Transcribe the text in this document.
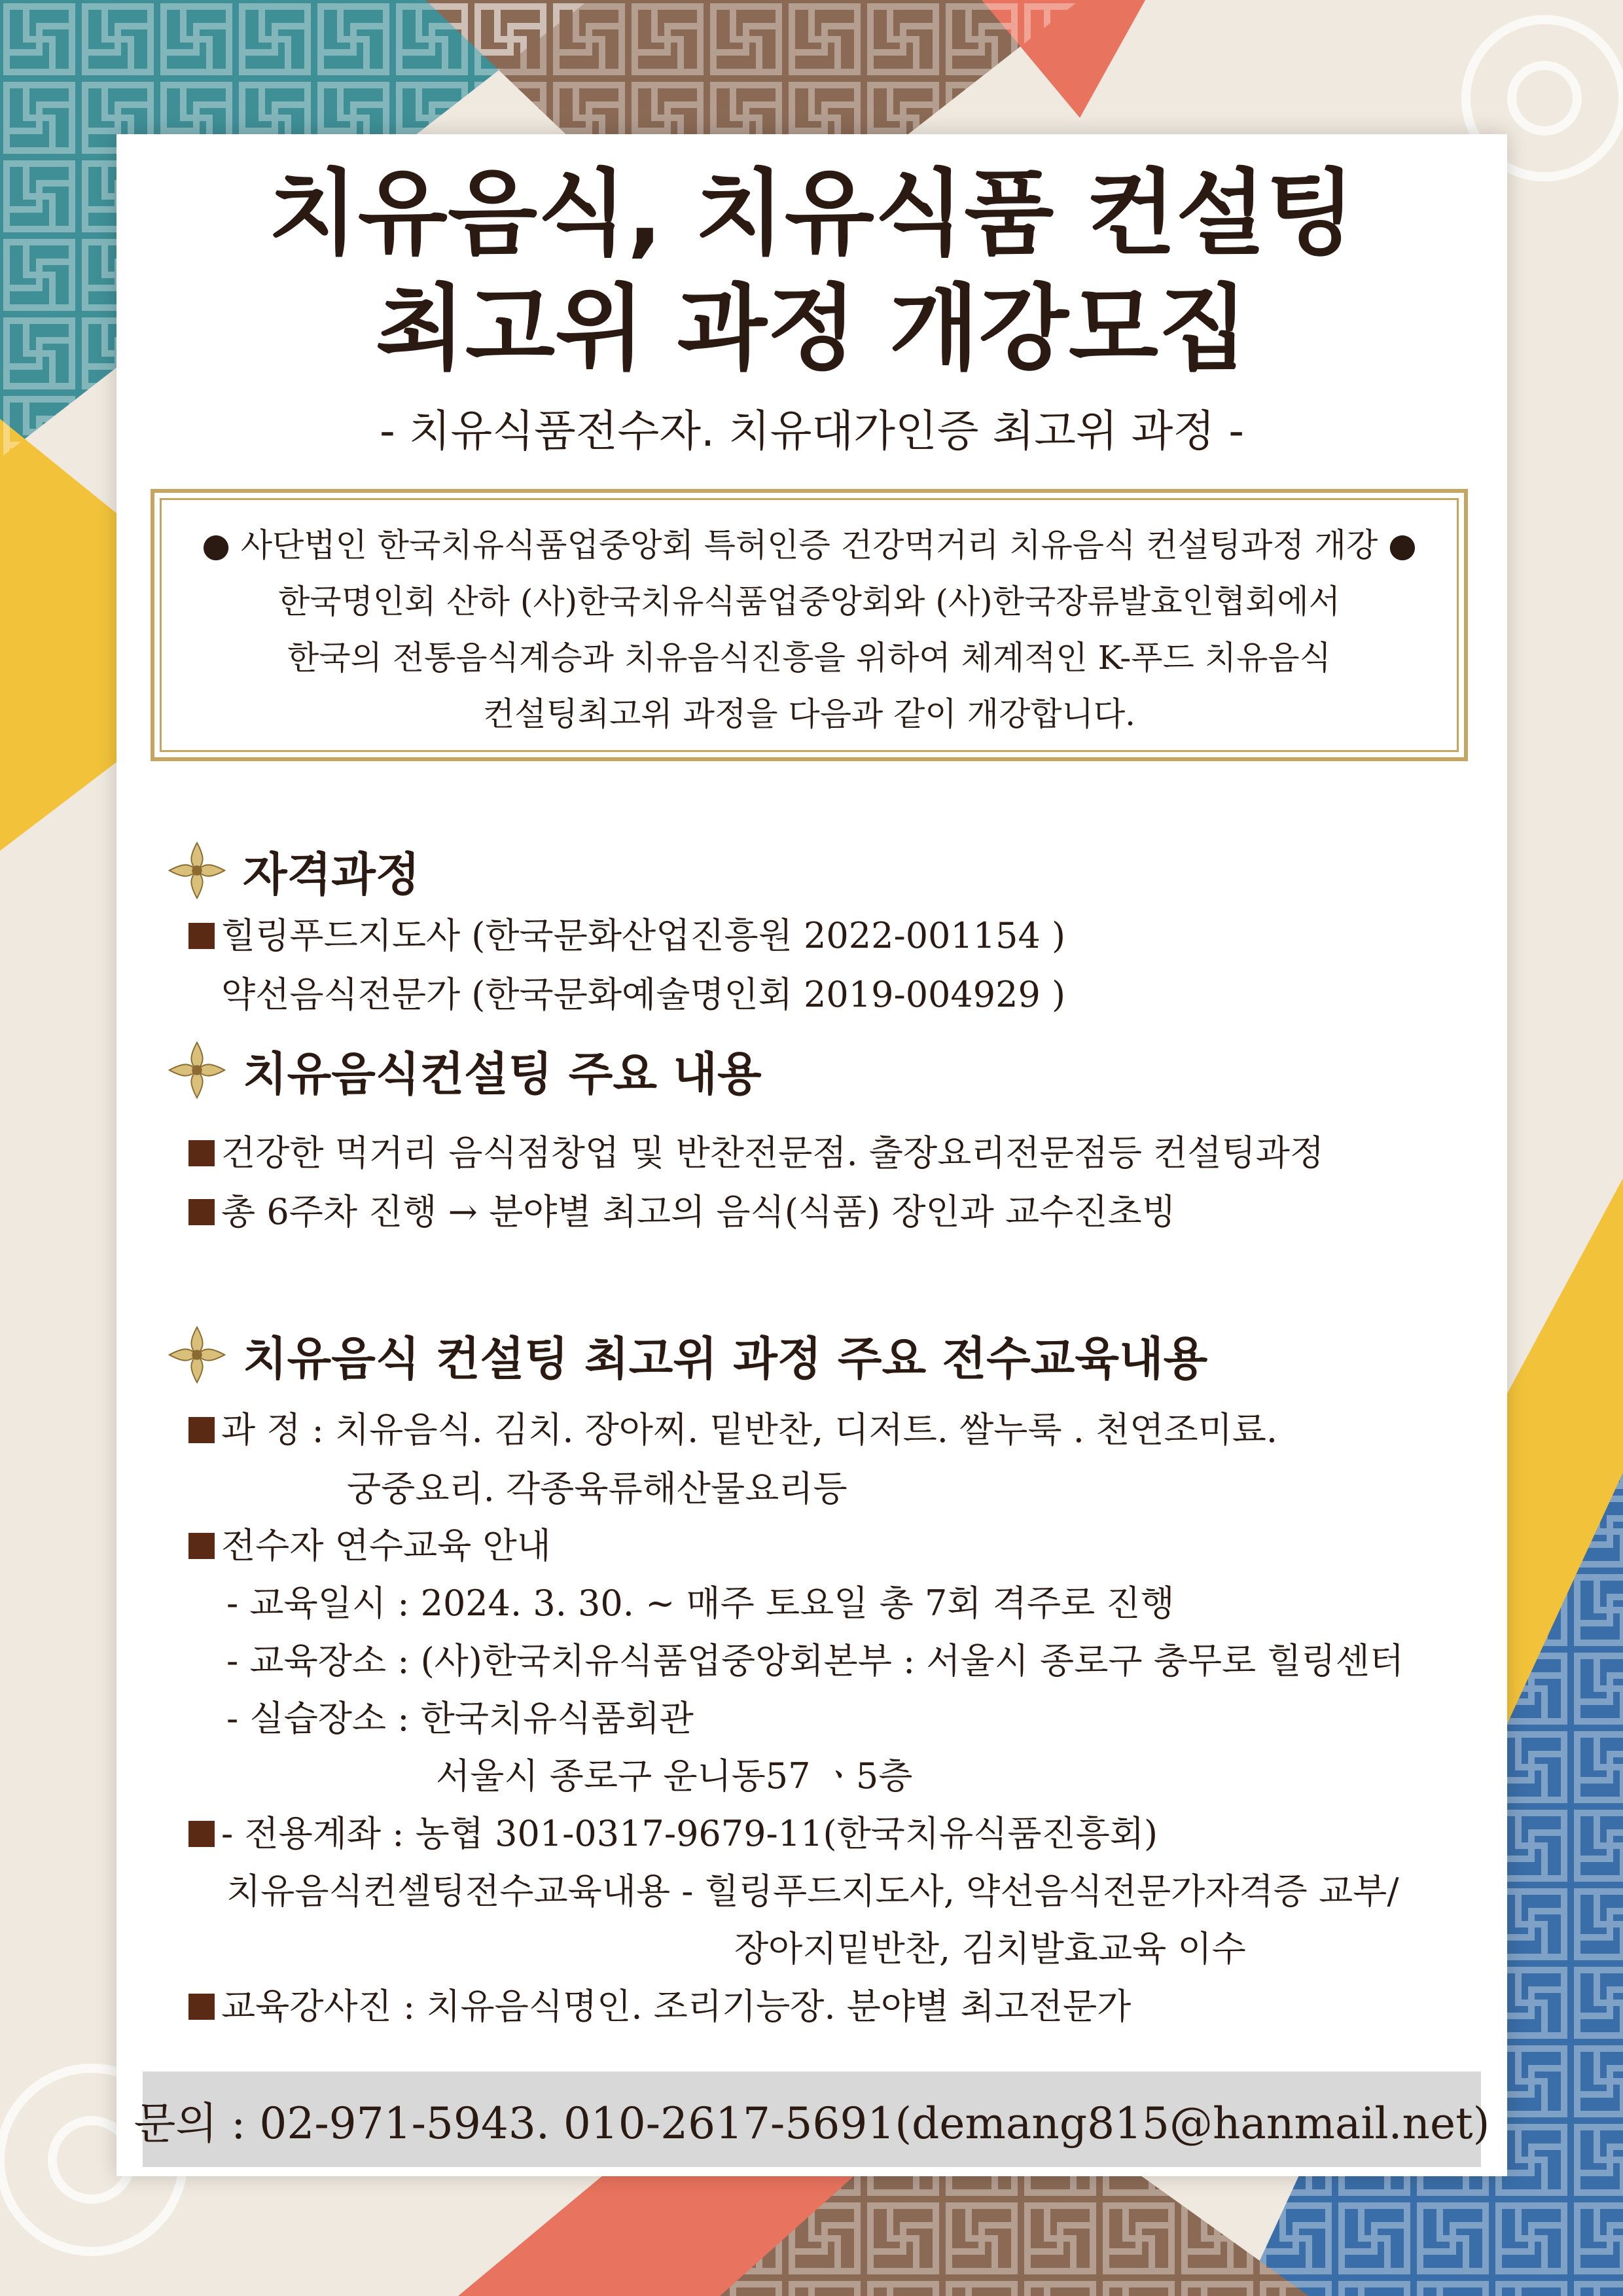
치유음식, 치유식품 컨설팅
최고위 과정 개강모집
- 치유식품전수자. 치유대가인증 최고위 과정 -
● 사단법인 한국치유식품업중앙회 특허인증 건강먹거리 치유음식 컨설팅과정 개강 ●
한국명인회 산하 (사)한국치유식품업중앙회와 (사)한국장류발효인협회에서
한국의 전통음식계승과 치유음식진흥을 위하여 체계적인 K-푸드 치유음식
컨설팅최고위 과정을 다음과 같이 개강합니다.
자격과정
힐링푸드지도사 (한국문화산업진흥원 2022-001154 )
약선음식전문가 (한국문화예술명인회 2019-004929 )
치유음식컨설팅 주요 내용
건강한 먹거리 음식점창업 및 반찬전문점. 출장요리전문점등 컨설팅과정
총 6주차 진행 → 분야별 최고의 음식(식품) 장인과 교수진초빙
치유음식 컨설팅 최고위 과정 주요 전수교육내용
과 정 : 치유음식. 김치. 장아찌. 밑반찬, 디저트. 쌀누룩 . 천연조미료.
궁중요리. 각종육류해산물요리등
전수자 연수교육 안내
- 교육일시 : 2024. 3. 30. ~ 매주 토요일 총 7회 격주로 진행
- 교육장소 : (사)한국치유식품업중앙회본부 : 서울시 종로구 충무로 힐링센터
- 실습장소 : 한국치유식품회관
서울시 종로구 운니동57 ㆍ5층
- 전용계좌 : 농협 301-0317-9679-11(한국치유식품진흥회)
치유음식컨셀팅전수교육내용 - 힐링푸드지도사, 약선음식전문가자격증 교부/
장아지밑반찬, 김치발효교육 이수
교육강사진 : 치유음식명인. 조리기능장. 분야별 최고전문가
문의 : 02-971-5943. 010-2617-5691(demang815@hanmail.net)
